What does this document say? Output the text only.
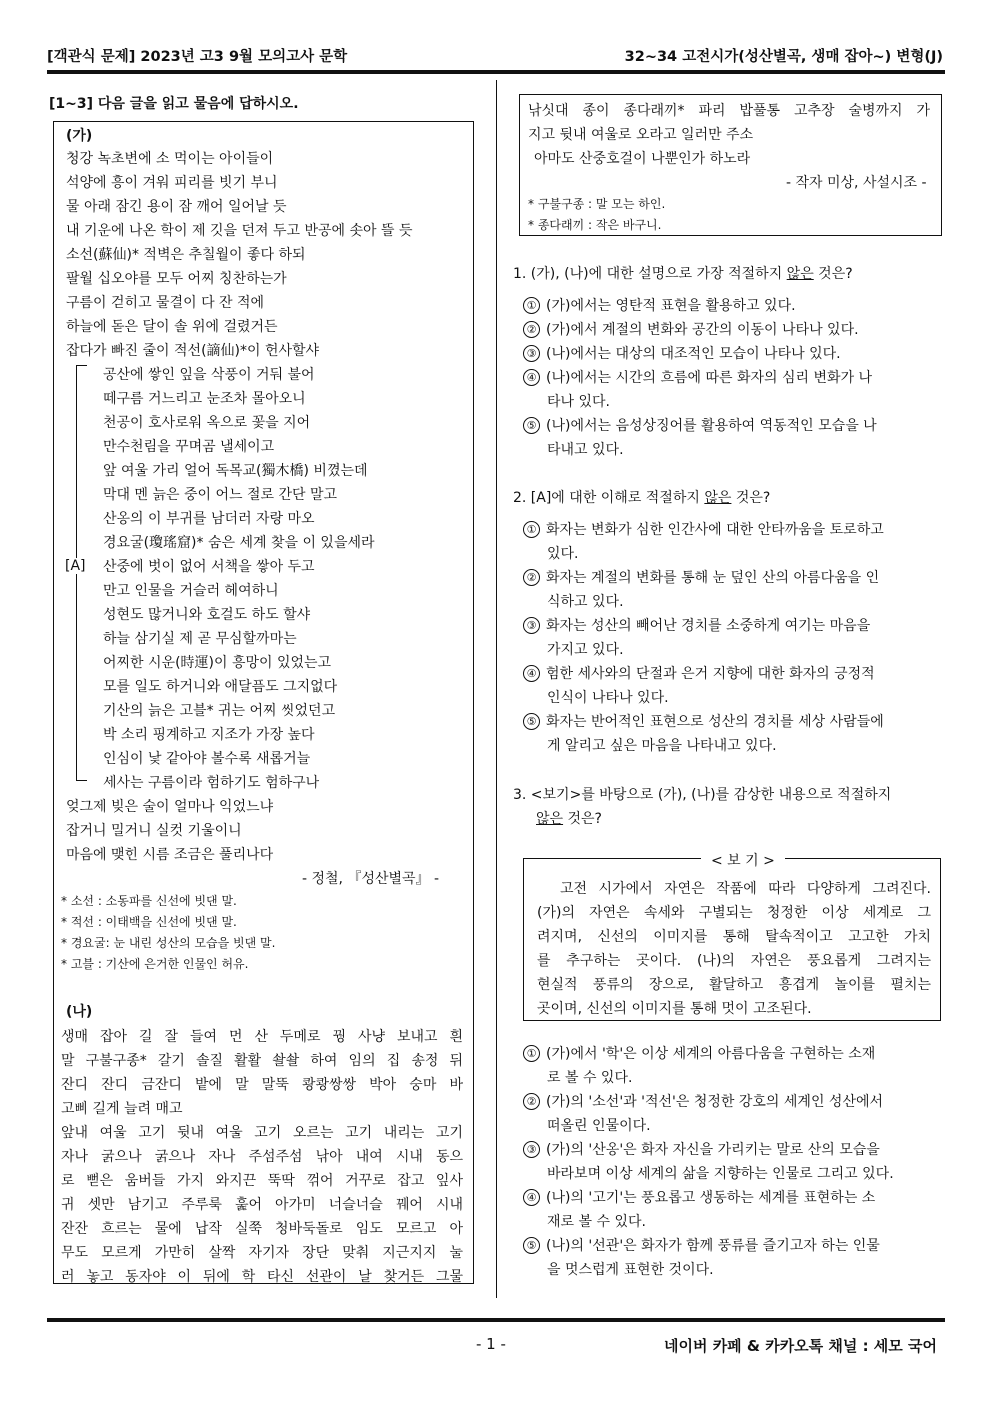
[객관식 문제] 2023년 고3 9월 모의고사 문학	32~34 고전시가(성산별곡, 생매 잡아~) 변형(J)
[1~3] 다음 글을 읽고 물음에 답하시오.
(가)
청강 녹초변에 소 먹이는 아이들이
석양에 흥이 겨워 피리를 빗기 부니
물 아래 잠긴 용이 잠 깨어 일어날 듯
내 기운에 나온 학이 제 깃을 던져 두고 반공에 솟아 뜰 듯
소선(蘇仙)* 적벽은 추칠월이 좋다 하되
팔월 십오야를 모두 어찌 칭찬하는가
구름이 걷히고 물결이 다 잔 적에
하늘에 돋은 달이 솔 위에 걸렸거든
잡다가 빠진 줄이 적선(謫仙)*이 헌사할샤
[A]
공산에 쌓인 잎을 삭풍이 거둬 불어
떼구름 거느리고 눈조차 몰아오니
천공이 호사로워 옥으로 꽃을 지어
만수천림을 꾸며곰 낼세이고
앞 여울 가리 얼어 독목교(獨木橋) 비꼈는데
막대 멘 늙은 중이 어느 절로 간단 말고
산옹의 이 부귀를 남더러 자랑 마오
경요굴(瓊瑤窟)* 숨은 세계 찾을 이 있을세라
산중에 벗이 없어 서책을 쌓아 두고
만고 인물을 거슬러 헤여하니
성현도 많거니와 호걸도 하도 할샤
하늘 삼기실 제 곧 무심할까마는
어찌한 시운(時運)이 흥망이 있었는고
모를 일도 하거니와 애달픔도 그지없다
기산의 늙은 고블* 귀는 어찌 씻었던고
박 소리 핑계하고 지조가 가장 높다
인심이 낯 같아야 볼수록 새롭거늘
세사는 구름이라 험하기도 험하구나
엊그제 빚은 술이 얼마나 익었느냐
잡거니 밀거니 실컷 기울이니
마음에 맺힌 시름 조금은 풀리나다
- 정철, 『성산별곡』 -
* 소선 : 소동파를 신선에 빗댄 말.
* 적선 : 이태백을 신선에 빗댄 말.
* 경요굴: 눈 내린 성산의 모습을 빗댄 말.
* 고블 : 기산에 은거한 인물인 허유.
(나)
생매 잡아 길 잘 들여 먼 산 두메로 꿩 사냥 보내고 흰
말 구불구종* 갈기 솔질 활활 솰솰 하여 임의 집 송정 뒤
잔디 잔디 금잔디 밭에 말 말뚝 쾅쾅쌍쌍 박아 숭마 바
고삐 길게 늘려 매고
앞내 여울 고기 뒷내 여울 고기 오르는 고기 내리는 고기
자나 굵으나 굵으나 자나 주섬주섬 낚아 내여 시내 동으
로 뻗은 움버들 가지 와지끈 뚝딱 꺾어 거꾸로 잡고 잎사
귀 셋만 남기고 주루룩 훑어 아가미 너슬너슬 꿰어 시내
잔잔 흐르는 물에 납작 실쭉 청바둑돌로 임도 모르고 아
무도 모르게 가만히 살짝 자기자 장단 맞춰 지근지지 눌
러 놓고 동자야 이 뒤에 학 타신 선관이 날 찾거든 그물
낚싯대 종이 종다래끼* 파리 밥풀통 고추장 술병까지 가
지고 뒷내 여울로 오라고 일러만 주소
아마도 산중호걸이 나뿐인가 하노라
- 작자 미상, 사설시조 -
* 구불구종 : 말 모는 하인.
* 종다래끼 : 작은 바구니.
1. (가), (나)에 대한 설명으로 가장 적절하지 않은 것은?
① (가)에서는 영탄적 표현을 활용하고 있다.
② (가)에서 계절의 변화와 공간의 이동이 나타나 있다.
③ (나)에서는 대상의 대조적인 모습이 나타나 있다.
④ (나)에서는 시간의 흐름에 따른 화자의 심리 변화가 나
타나 있다.
⑤ (나)에서는 음성상징어를 활용하여 역동적인 모습을 나
타내고 있다.
2. [A]에 대한 이해로 적절하지 않은 것은?
① 화자는 변화가 심한 인간사에 대한 안타까움을 토로하고
있다.
② 화자는 계절의 변화를 통해 눈 덮인 산의 아름다움을 인
식하고 있다.
③ 화자는 성산의 빼어난 경치를 소중하게 여기는 마음을
가지고 있다.
④ 험한 세사와의 단절과 은거 지향에 대한 화자의 긍정적
인식이 나타나 있다.
⑤ 화자는 반어적인 표현으로 성산의 경치를 세상 사람들에
게 알리고 싶은 마음을 나타내고 있다.
3. <보기>를 바탕으로 (가), (나)를 감상한 내용으로 적절하지
않은 것은?
< 보 기 >
고전 시가에서 자연은 작품에 따라 다양하게 그려진다.
(가)의 자연은 속세와 구별되는 청정한 이상 세계로 그
려지며, 신선의 이미지를 통해 탈속적이고 고고한 가치
를 추구하는 곳이다. (나)의 자연은 풍요롭게 그려지는
현실적 풍류의 장으로, 활달하고 흥겹게 놀이를 펼치는
곳이며, 신선의 이미지를 통해 멋이 고조된다.
① (가)에서 '학'은 이상 세계의 아름다움을 구현하는 소재
로 볼 수 있다.
② (가)의 '소선'과 '적선'은 청정한 강호의 세계인 성산에서
떠올린 인물이다.
③ (가)의 '산옹'은 화자 자신을 가리키는 말로 산의 모습을
바라보며 이상 세계의 삶을 지향하는 인물로 그리고 있다.
④ (나)의 '고기'는 풍요롭고 생동하는 세계를 표현하는 소
재로 볼 수 있다.
⑤ (나)의 '선관'은 화자가 함께 풍류를 즐기고자 하는 인물
을 멋스럽게 표현한 것이다.
- 1 -	네이버 카페 & 카카오톡 채널 : 세모 국어
